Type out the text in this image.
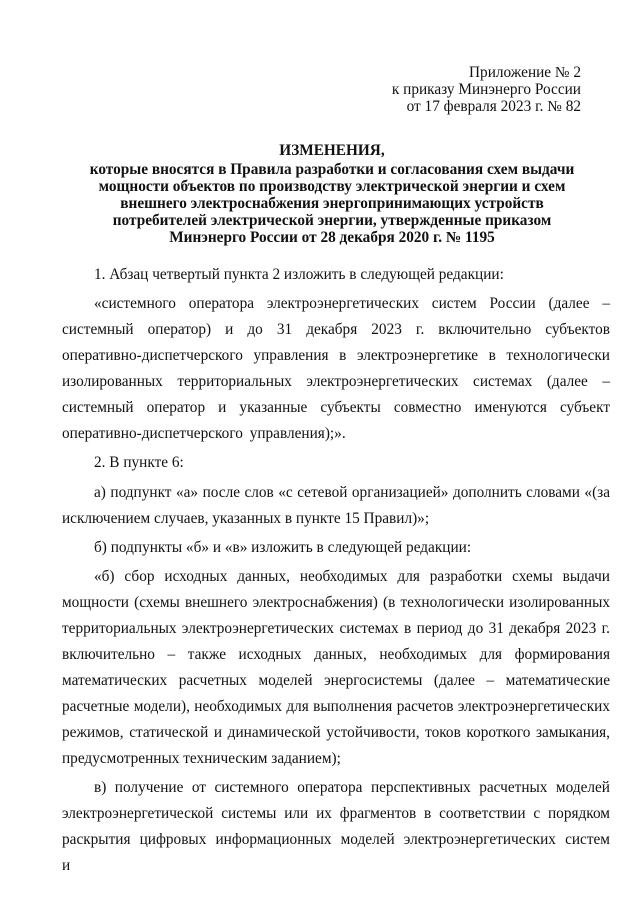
Приложение № 2
к приказу Минэнерго России
от 17 февраля 2023 г. № 82
ИЗМЕНЕНИЯ,
которые вносятся в Правила разработки и согласования схем выдачи
мощности объектов по производству электрической энергии и схем
внешнего электроснабжения энергопринимающих устройств
потребителей электрической энергии, утвержденные приказом
Минэнерго России от 28 декабря 2020 г. № 1195

1. Абзац четвертый пункта 2 изложить в следующей редакции:

«системного оператора электроэнергетических систем России (далее – системный оператор) и до 31 декабря 2023 г. включительно субъектов оперативно-диспетчерского управления в электроэнергетике в технологически изолированных территориальных электроэнергетических системах (далее – системный оператор и указанные субъекты совместно именуются субъект оперативно-диспетчерского управления);».

2. В пункте 6:

а) подпункт «а» после слов «с сетевой организацией» дополнить словами «(за исключением случаев, указанных в пункте 15 Правил)»;

б) подпункты «б» и «в» изложить в следующей редакции:

«б) сбор исходных данных, необходимых для разработки схемы выдачи мощности (схемы внешнего электроснабжения) (в технологически изолированных территориальных электроэнергетических системах в период до 31 декабря 2023 г. включительно – также исходных данных, необходимых для формирования математических расчетных моделей энергосистемы (далее – математические расчетные модели), необходимых для выполнения расчетов электроэнергетических режимов, статической и динамической устойчивости, токов короткого замыкания, предусмотренных техническим заданием);

в) получение от системного оператора перспективных расчетных моделей электроэнергетической системы или их фрагментов в соответствии с порядком раскрытия цифровых информационных моделей электроэнергетических систем и
